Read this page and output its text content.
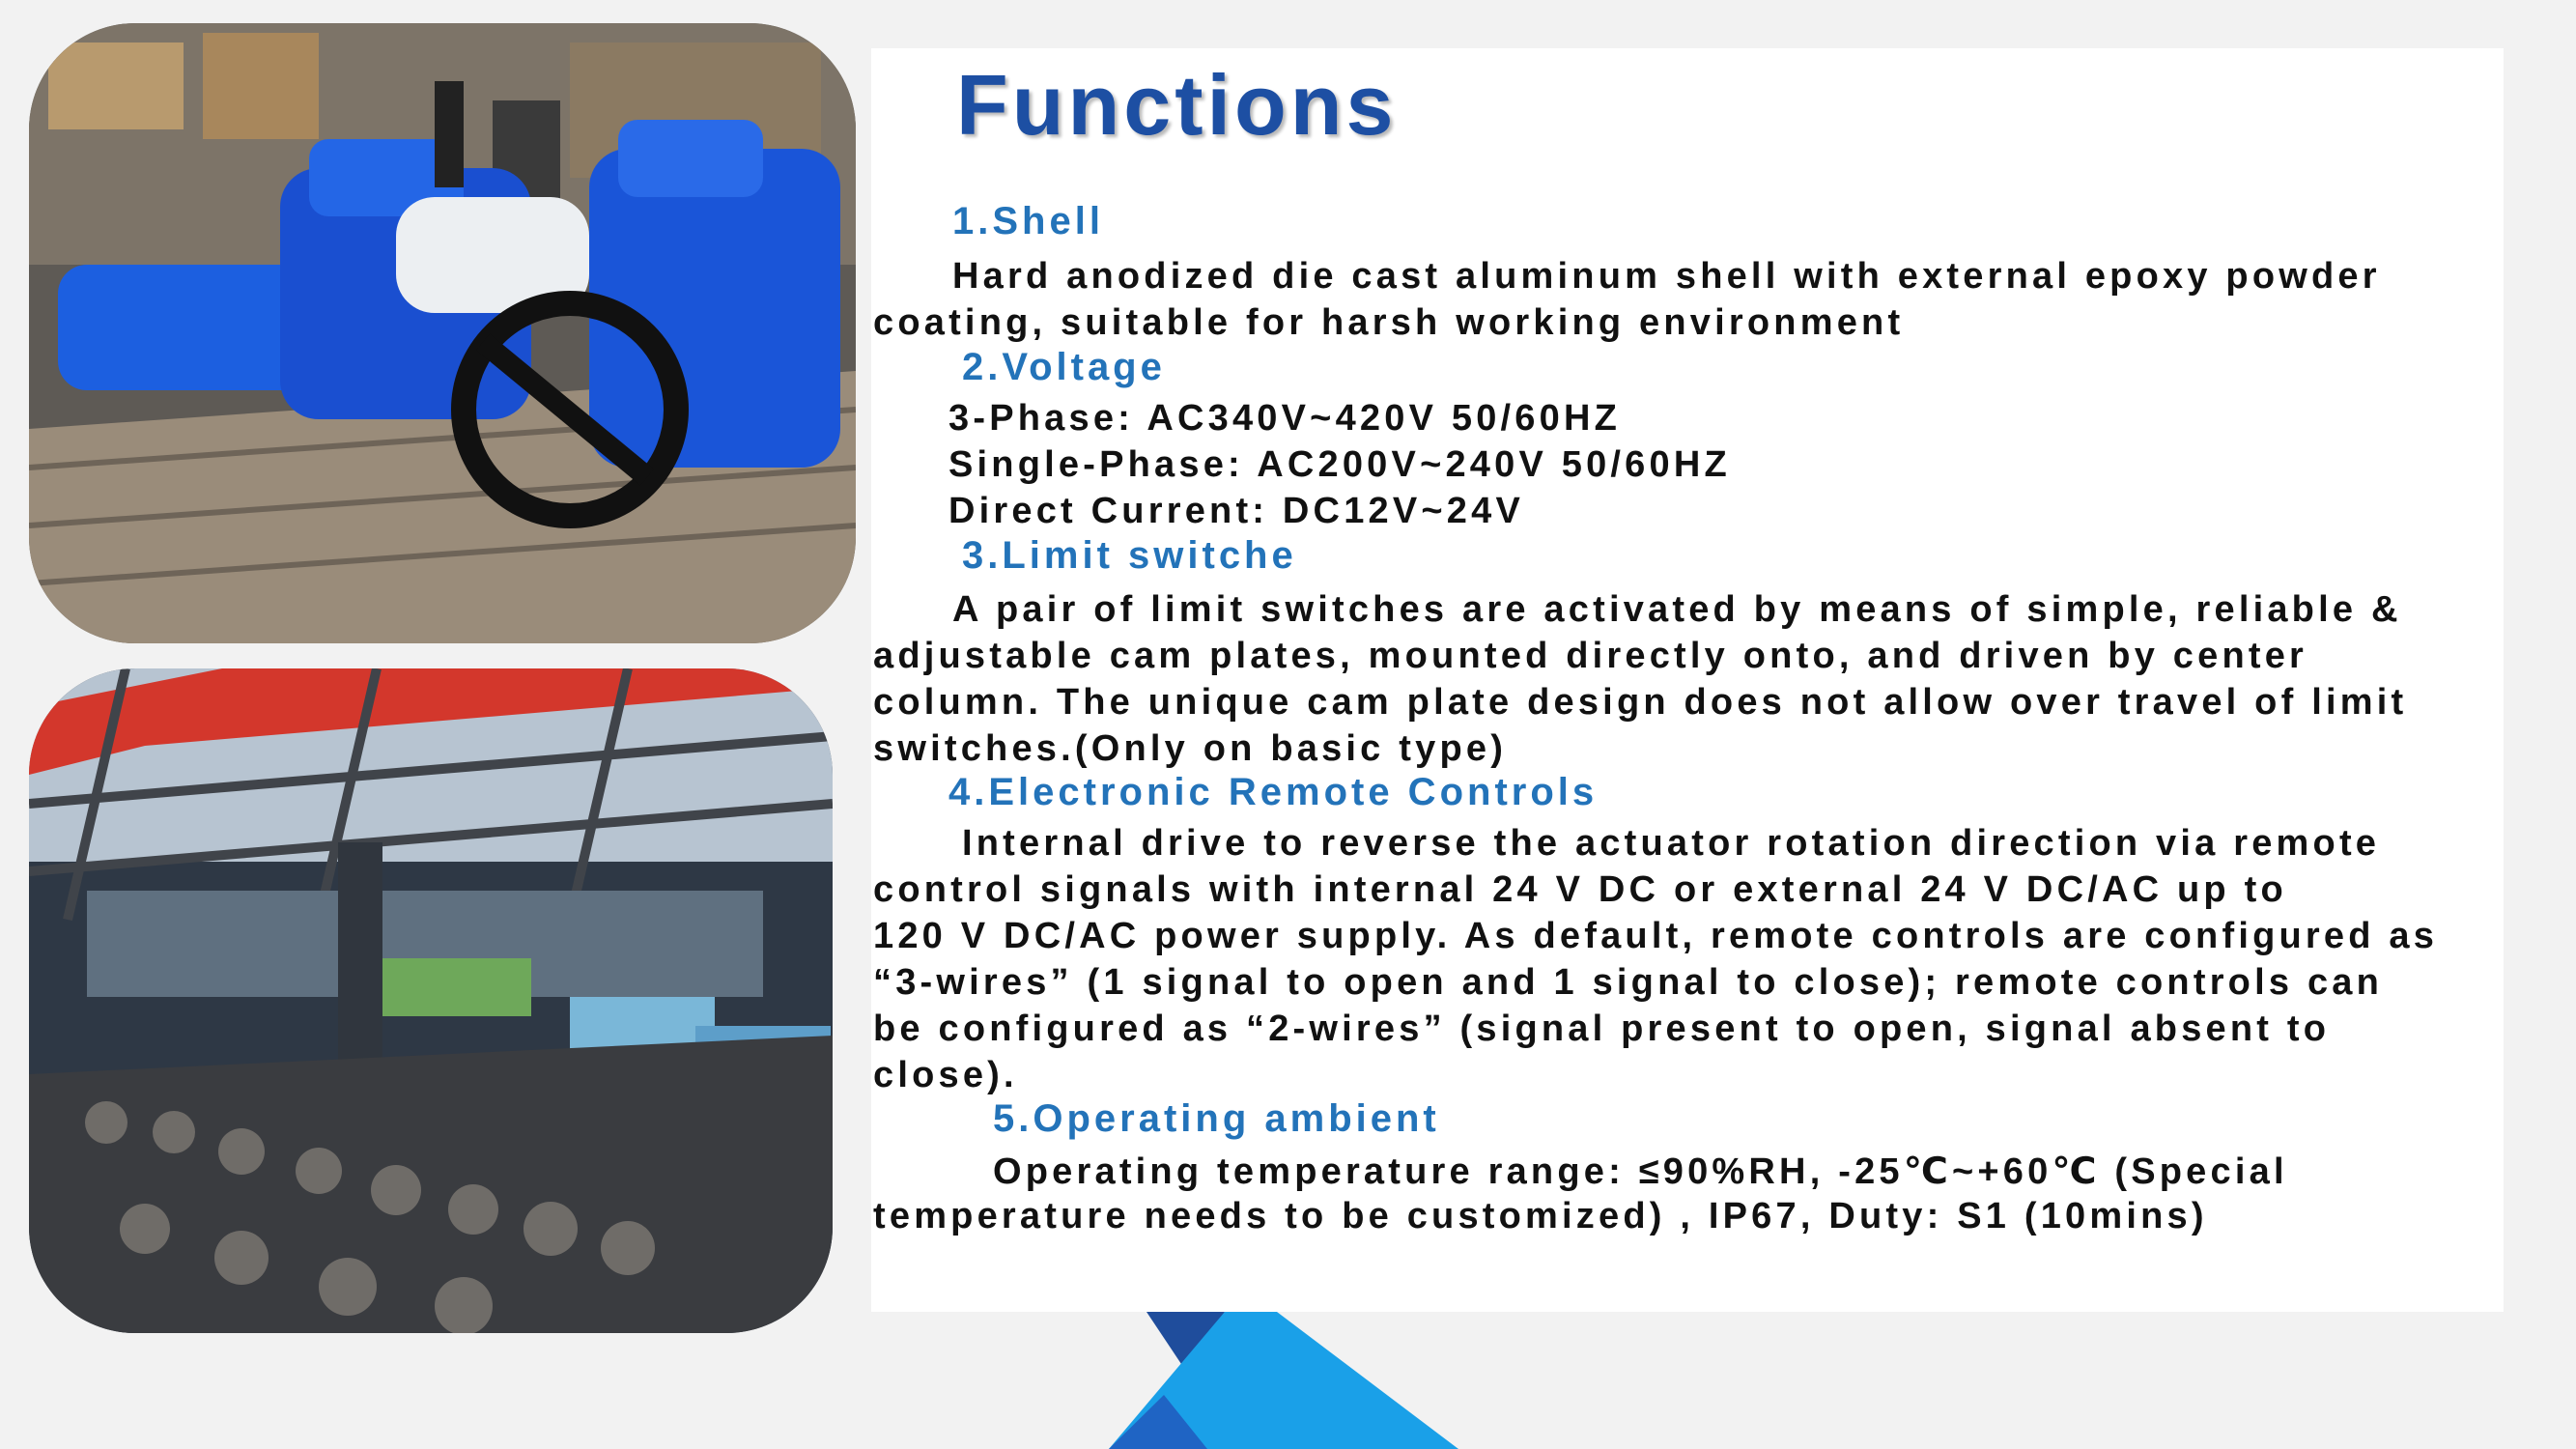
Functions
1.Shell
Hard anodized die cast aluminum shell with external epoxy powder
coating, suitable for harsh working environment
2.Voltage
3-Phase: AC340V~420V 50/60HZ
Single-Phase: AC200V~240V 50/60HZ
Direct Current: DC12V~24V
3.Limit switche
A pair of limit switches are activated by means of simple, reliable &
adjustable cam plates, mounted directly onto, and driven by center
column. The unique cam plate design does not allow over travel of limit
switches.(Only on basic type)
4.Electronic Remote Controls
Internal drive to reverse the actuator rotation direction via remote
control signals with internal 24 V DC or external 24 V DC/AC up to
120 V DC/AC power supply. As default, remote controls are configured as
“3-wires” (1 signal to open and 1 signal to close); remote controls can
be configured as “2-wires” (signal present to open, signal absent to
close).
5.Operating ambient
Operating temperature range: ≤90%RH, -25℃~+60℃ (Special
temperature needs to be customized) , IP67, Duty: S1 (10mins)
